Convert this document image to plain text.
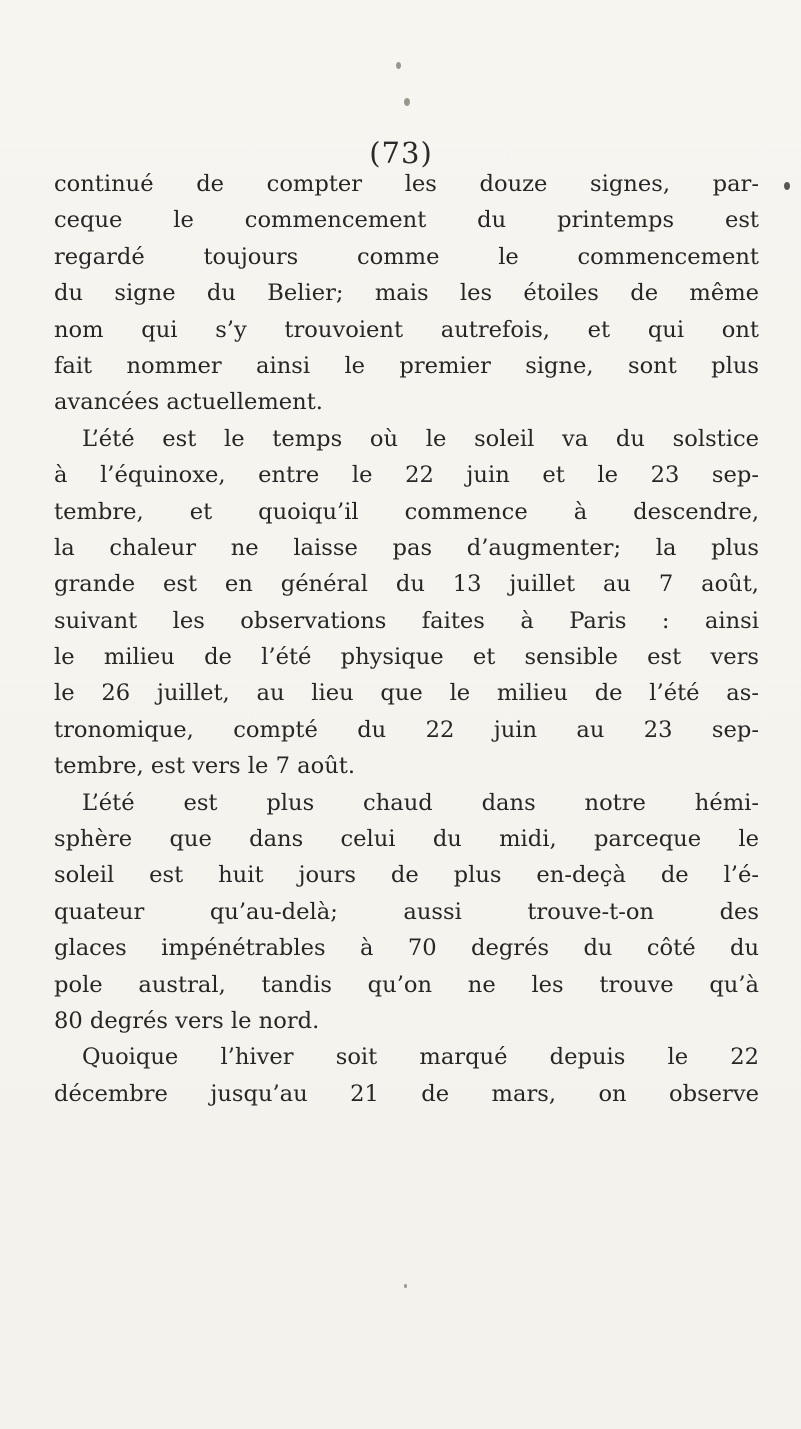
(73)
continué de compter les douze signes, par-
ceque le commencement du printemps est
regardé toujours comme le commencement
du signe du Belier; mais les étoiles de même
nom qui s’y trouvoient autrefois, et qui ont
fait nommer ainsi le premier signe, sont plus
avancées actuellement.
L’été est le temps où le soleil va du solstice
à l’équinoxe, entre le 22 juin et le 23 sep-
tembre, et quoiqu’il commence à descendre,
la chaleur ne laisse pas d’augmenter; la plus
grande est en général du 13 juillet au 7 août,
suivant les observations faites à Paris : ainsi
le milieu de l’été physique et sensible est vers
le 26 juillet, au lieu que le milieu de l’été as-
tronomique, compté du 22 juin au 23 sep-
tembre, est vers le 7 août.
L’été est plus chaud dans notre hémi-
sphère que dans celui du midi, parceque le
soleil est huit jours de plus en-deçà de l’é-
quateur qu’au-delà; aussi trouve-t-on des
glaces impénétrables à 70 degrés du côté du
pole austral, tandis qu’on ne les trouve qu’à
80 degrés vers le nord.
Quoique l’hiver soit marqué depuis le 22
décembre jusqu’au 21 de mars, on observe
